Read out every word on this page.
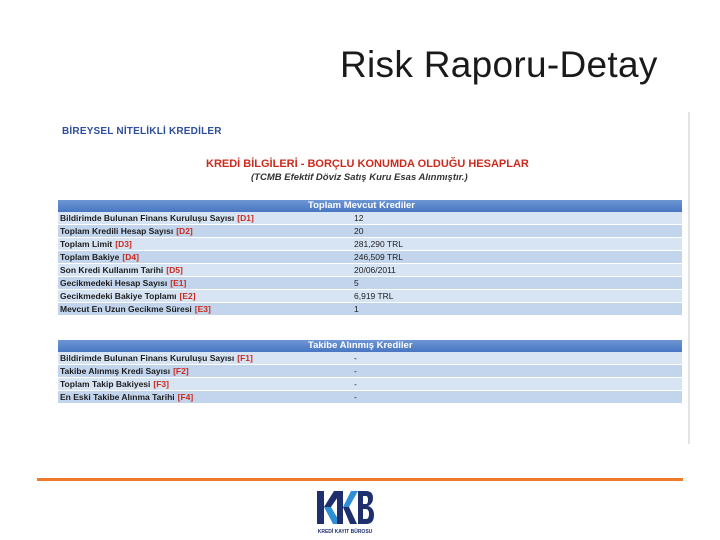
Risk Raporu-Detay
BİREYSEL NİTELİKLİ KREDİLER
KREDİ BİLGİLERİ - BORÇLU KONUMDA OLDUĞU HESAPLAR
(TCMB Efektif Döviz Satış Kuru Esas Alınmıştır.)
Toplam Mevcut Krediler
Bildirimde Bulunan Finans Kuruluşu Sayısı [D1]	12
Toplam Kredili Hesap Sayısı [D2]	20
Toplam Limit [D3]	281,290 TRL
Toplam Bakiye [D4]	246,509 TRL
Son Kredi Kullanım Tarihi [D5]	20/06/2011
Gecikmedeki Hesap Sayısı [E1]	5
Gecikmedeki Bakiye Toplamı [E2]	6,919 TRL
Mevcut En Uzun Gecikme Süresi [E3]	1
Takibe Alınmış Krediler
Bildirimde Bulunan Finans Kuruluşu Sayısı [F1]	-
Takibe Alınmış Kredi Sayısı [F2]	-
Toplam Takip Bakiyesi [F3]	-
En Eski Takibe Alınma Tarihi [F4]	-
KREDİ KAYIT BÜROSU
